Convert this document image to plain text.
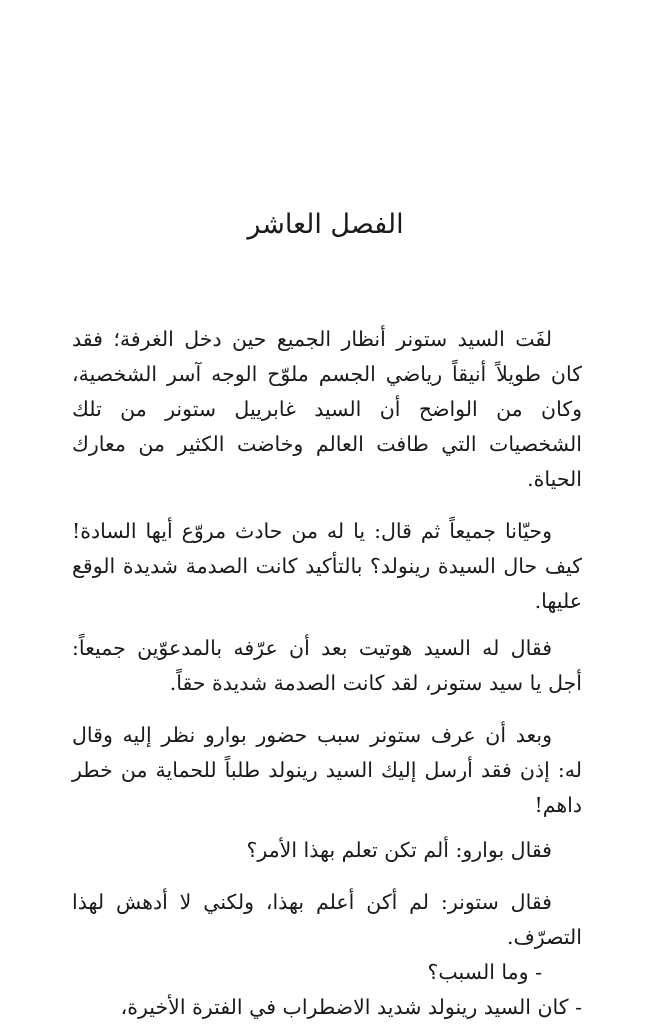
الفصل العاشر

لفَت السيد ستونر أنظار الجميع حين دخل الغرفة؛ فقد كان طويلاً أنيقاً رياضي الجسم ملوّح الوجه آسر الشخصية، وكان من الواضح أن السيد غابرييل ستونر من تلك الشخصيات التي طافت العالم وخاضت الكثير من معارك الحياة.

وحيّانا جميعاً ثم قال: يا له من حادث مروّع أيها السادة! كيف حال السيدة رينولد؟ بالتأكيد كانت الصدمة شديدة الوقع عليها.

فقال له السيد هوتيت بعد أن عرّفه بالمدعوّين جميعاً: أجل يا سيد ستونر، لقد كانت الصدمة شديدة حقاً.

وبعد أن عرف ستونر سبب حضور بوارو نظر إليه وقال له: إذن فقد أرسل إليك السيد رينولد طلباً للحماية من خطر داهم!

فقال بوارو: ألم تكن تعلم بهذا الأمر؟

فقال ستونر: لم أكن أعلم بهذا، ولكني لا أدهش لهذا التصرّف.

- وما السبب؟

- كان السيد رينولد شديد الاضطراب في الفترة الأخيرة،
